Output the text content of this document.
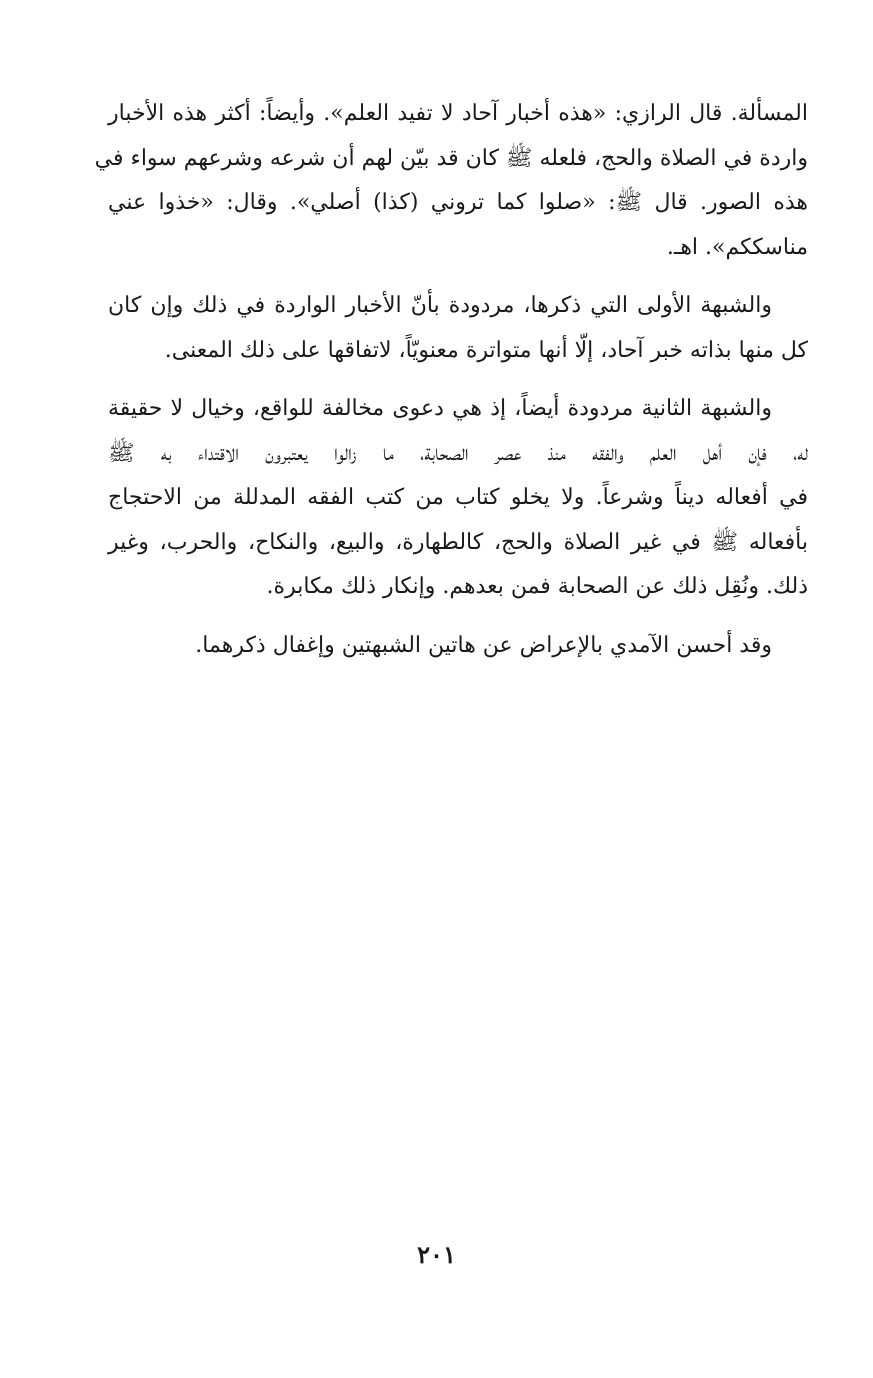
المسألة. قال الرازي: «هذه أخبار آحاد لا تفيد العلم». وأيضاً: أكثر هذه الأخبار
واردة في الصلاة والحج، فلعله ﷺ كان قد بيّن لهم أن شرعه وشرعهم سواء في
هذه الصور. قال ﷺ: «صلوا كما تروني (كذا) أصلي». وقال: «خذوا عني
مناسككم». اهـ.
والشبهة الأولى التي ذكرها، مردودة بأنّ الأخبار الواردة في ذلك وإن كان
كل منها بذاته خبر آحاد، إلّا أنها متواترة معنويّاً، لاتفاقها على ذلك المعنى.
والشبهة الثانية مردودة أيضاً، إذ هي دعوى مخالفة للواقع، وخيال لا حقيقة
له، فإن أهل العلم والفقه منذ عصر الصحابة، ما زالوا يعتبرون الاقتداء به ﷺ
في أفعاله ديناً وشرعاً. ولا يخلو كتاب من كتب الفقه المدللة من الاحتجاج
بأفعاله ﷺ في غير الصلاة والحج، كالطهارة، والبيع، والنكاح، والحرب، وغير
ذلك. ونُقِل ذلك عن الصحابة فمن بعدهم. وإنكار ذلك مكابرة.
وقد أحسن الآمدي بالإعراض عن هاتين الشبهتين وإغفال ذكرهما.
٢٠١
